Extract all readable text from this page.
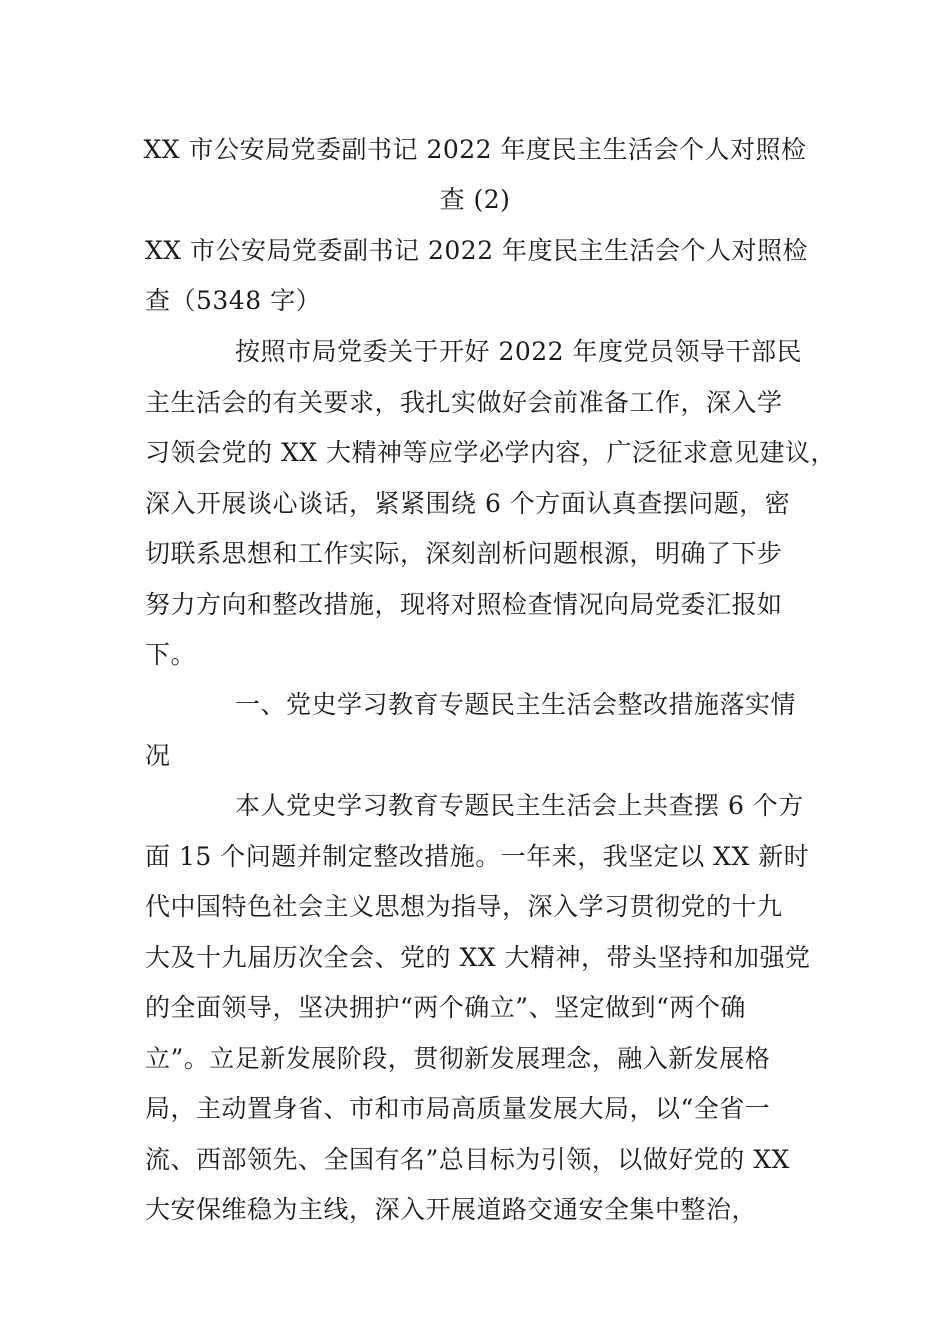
XX 市公安局党委副书记 2022 年度民主生活会个人对照检
查 (2)
XX 市公安局党委副书记 2022 年度民主生活会个人对照检
查（5348 字）
按照市局党委关于开好 2022 年度党员领导干部民
主生活会的有关要求，我扎实做好会前准备工作，深入学
习领会党的 XX 大精神等应学必学内容，广泛征求意见建议，
深入开展谈心谈话，紧紧围绕 6 个方面认真查摆问题，密
切联系思想和工作实际，深刻剖析问题根源，明确了下步
努力方向和整改措施，现将对照检查情况向局党委汇报如
下。
一、党史学习教育专题民主生活会整改措施落实情
况
本人党史学习教育专题民主生活会上共查摆 6 个方
面 15 个问题并制定整改措施。一年来，我坚定以 XX 新时
代中国特色社会主义思想为指导，深入学习贯彻党的十九
大及十九届历次全会、党的 XX 大精神，带头坚持和加强党
的全面领导，坚决拥护“两个确立”、坚定做到“两个确
立”。立足新发展阶段，贯彻新发展理念，融入新发展格
局，主动置身省、市和市局高质量发展大局，以“全省一
流、西部领先、全国有名”总目标为引领，以做好党的 XX
大安保维稳为主线，深入开展道路交通安全集中整治，
